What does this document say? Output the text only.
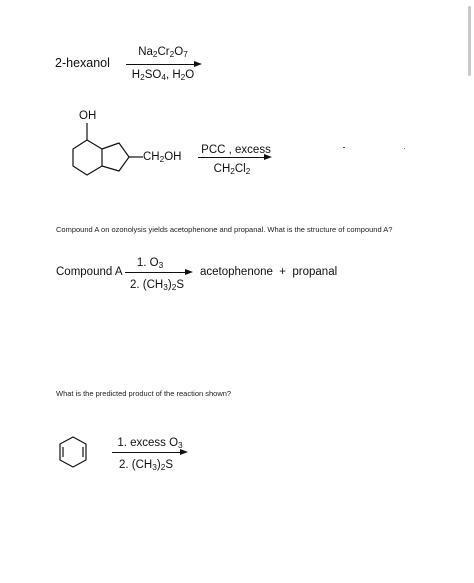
2-hexanol
$Na_2Cr_2O_7$
$H_2SO_4$, $H_2O$
OH
$CH_2OH$
PCC , excess
$CH_2Cl_2$
Compound A on ozonolysis yields acetophenone and propanal. What is the structure of compound A?
Compound A
1. $O_3$
2. $(CH_3)_2S$
acetophenone  +  propanal
What is the predicted product of the reaction shown?
1. excess $O_3$
2. $(CH_3)_2S$
